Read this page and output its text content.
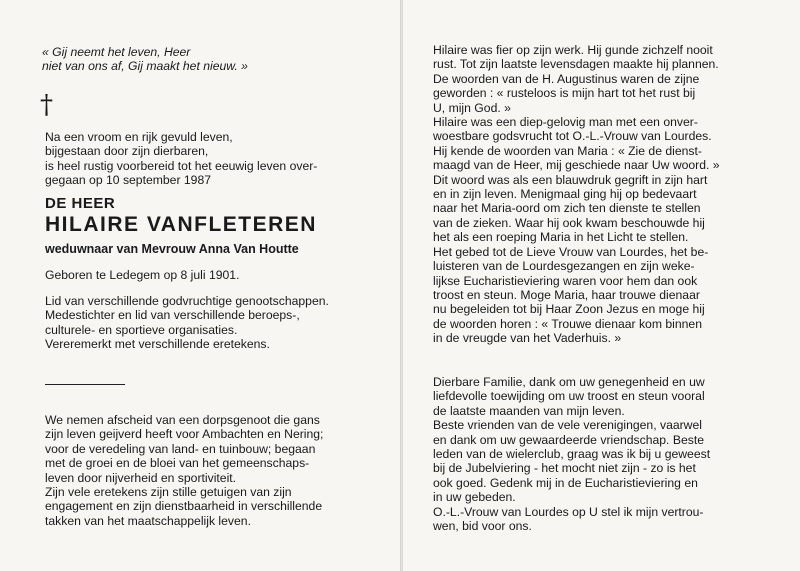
« Gij neemt het leven, Heer
niet van ons af, Gij maakt het nieuw. »
†
Na een vroom en rijk gevuld leven,
bijgestaan door zijn dierbaren,
is heel rustig voorbereid tot het eeuwig leven over-
gegaan op 10 september 1987
DE HEER
HILAIRE VANFLETEREN
weduwnaar van Mevrouw Anna Van Houtte
Geboren te Ledegem op 8 juli 1901.
Lid van verschillende godvruchtige genootschappen.
Medestichter en lid van verschillende beroeps-,
culturele- en sportieve organisaties.
Vereremerkt met verschillende eretekens.
We nemen afscheid van een dorpsgenoot die gans
zijn leven geijverd heeft voor Ambachten en Nering;
voor de veredeling van land- en tuinbouw; begaan
met de groei en de bloei van het gemeenschaps-
leven door nijverheid en sportiviteit.
Zijn vele eretekens zijn stille getuigen van zijn
engagement en zijn dienstbaarheid in verschillende
takken van het maatschappelijk leven.
Hilaire was fier op zijn werk. Hij gunde zichzelf nooit
rust. Tot zijn laatste levensdagen maakte hij plannen.
De woorden van de H. Augustinus waren de zijne
geworden : « rusteloos is mijn hart tot het rust bij
U, mijn God. »
Hilaire was een diep-gelovig man met een onver-
woestbare godsvrucht tot O.-L.-Vrouw van Lourdes.
Hij kende de woorden van Maria : « Zie de dienst-
maagd van de Heer, mij geschiede naar Uw woord. »
Dit woord was als een blauwdruk gegrift in zijn hart
en in zijn leven. Menigmaal ging hij op bedevaart
naar het Maria-oord om zich ten dienste te stellen
van de zieken. Waar hij ook kwam beschouwde hij
het als een roeping Maria in het Licht te stellen.
Het gebed tot de Lieve Vrouw van Lourdes, het be-
luisteren van de Lourdesgezangen en zijn weke-
lijkse Eucharistieviering waren voor hem dan ook
troost en steun. Moge Maria, haar trouwe dienaar
nu begeleiden tot bij Haar Zoon Jezus en moge hij
de woorden horen : « Trouwe dienaar kom binnen
in de vreugde van het Vaderhuis. »
Dierbare Familie, dank om uw genegenheid en uw
liefdevolle toewijding om uw troost en steun vooral
de laatste maanden van mijn leven.
Beste vrienden van de vele verenigingen, vaarwel
en dank om uw gewaardeerde vriendschap. Beste
leden van de wielerclub, graag was ik bij u geweest
bij de Jubelviering - het mocht niet zijn - zo is het
ook goed. Gedenk mij in de Eucharistieviering en
in uw gebeden.
O.-L.-Vrouw van Lourdes op U stel ik mijn vertrou-
wen, bid voor ons.
